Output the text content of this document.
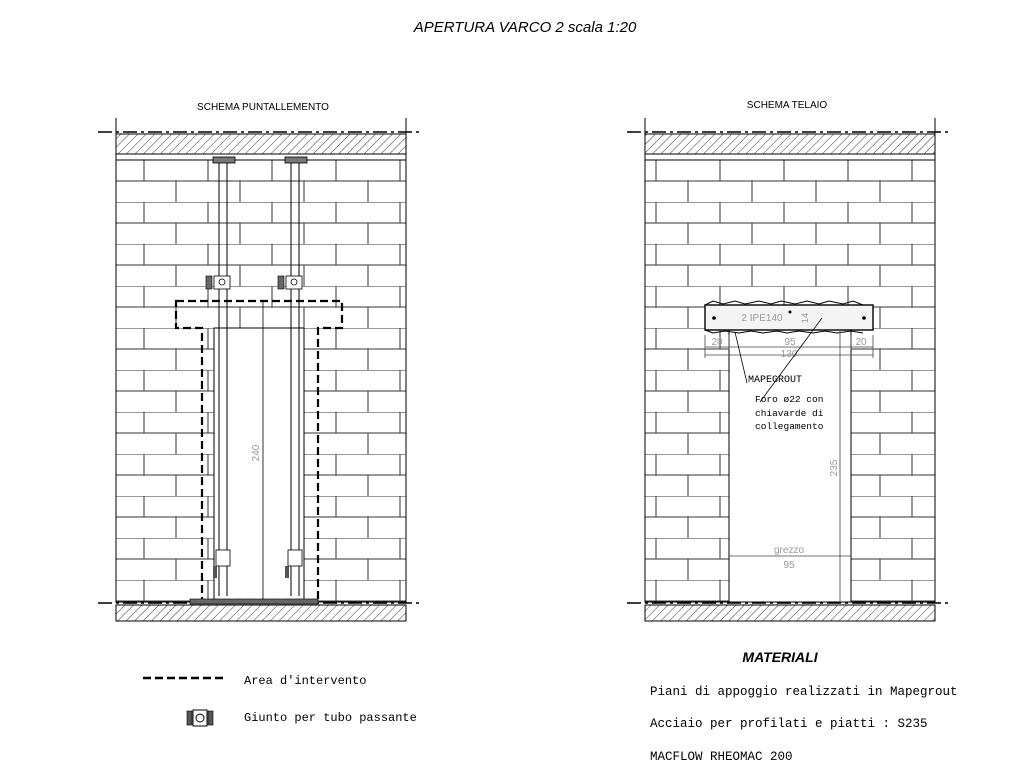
APERTURA VARCO 2 scala 1:20
SCHEMA PUNTALLEMENTO
240
SCHEMA TELAIO
2 IPE140 14
20	95	20
130
MAPEGROUT
Foro ø22 con
chiavarde di
collegamento
235
grezzo
95
Area d'intervento
Giunto per tubo passante
MATERIALI
Piani di appoggio realizzati in Mapegrout
Acciaio per profilati e piatti : S235
MACFLOW RHEOMAC 200
